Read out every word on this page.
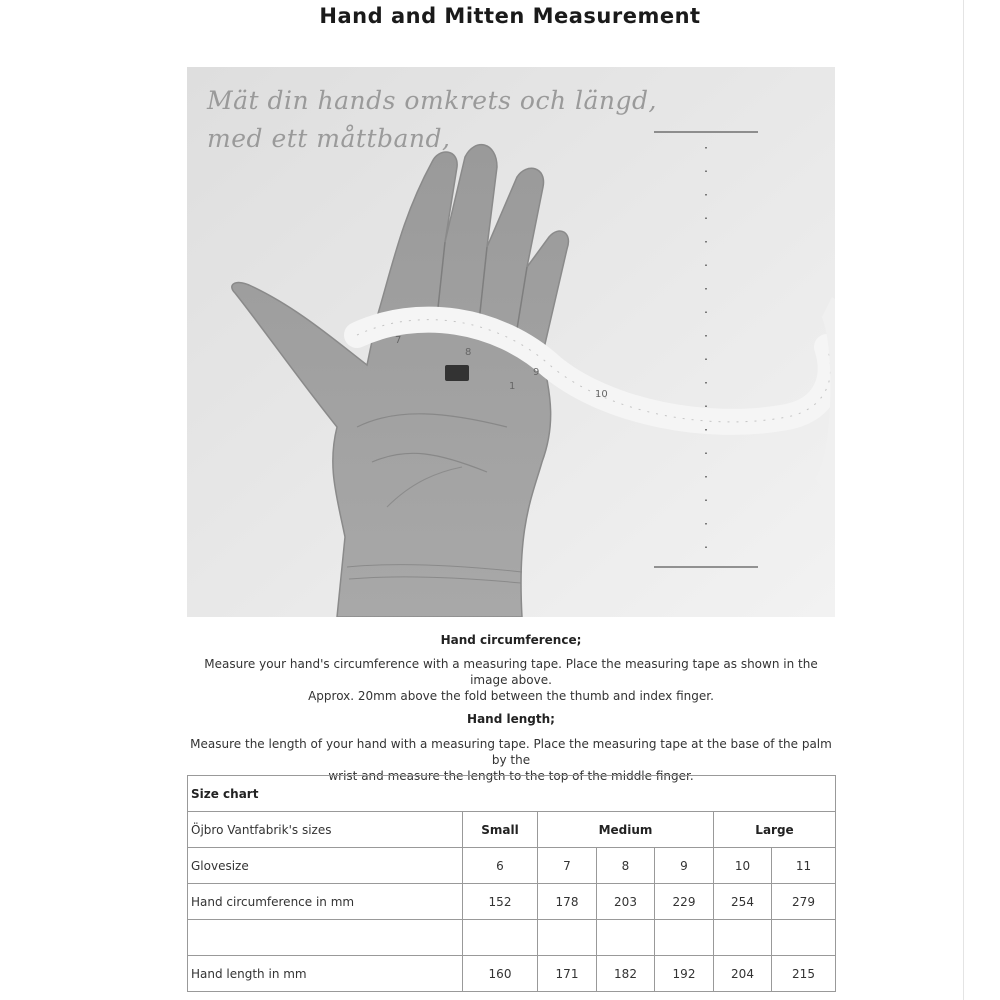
Hand and Mitten Measurement
Mät din hands omkrets och längd,
med ett måttband,
7
8
9
1
10
Hand circumference;
Measure your hand's circumference with a measuring tape. Place the measuring tape as shown in the image above.
Approx. 20mm above the fold between the thumb and index finger.
Hand length;
Measure the length of your hand with a measuring tape. Place the measuring tape at the base of the palm by the
wrist and measure the length to the top of the middle finger.
Size chart						
Öjbro Vantfabrik's sizes	Small	Medium			Large	
Glovesize	6	7	8	9	10	11
Hand circumference in mm	152	178	203	229	254	279

Hand length in mm	160	171	182	192	204	215
